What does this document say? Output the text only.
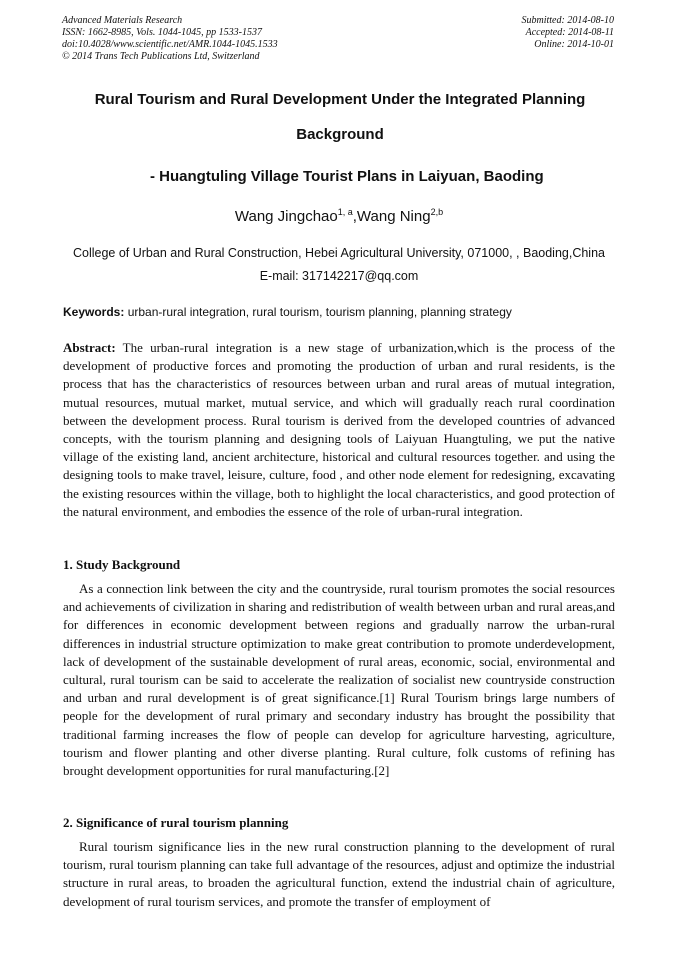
Advanced Materials Research
ISSN: 1662-8985, Vols. 1044-1045, pp 1533-1537
doi:10.4028/www.scientific.net/AMR.1044-1045.1533
© 2014 Trans Tech Publications Ltd, Switzerland
Submitted: 2014-08-10
Accepted: 2014-08-11
Online: 2014-10-01
Rural Tourism and Rural Development Under the Integrated Planning
Background
- Huangtuling Village Tourist Plans in Laiyuan, Baoding
Wang Jingchao$^{1, a}$,Wang Ning$^{2,b}$
College of Urban and Rural Construction, Hebei Agricultural University, 071000, , Baoding,China
E-mail: 317142217@qq.com
Keywords: urban-rural integration, rural tourism, tourism planning, planning strategy

Abstract: The urban-rural integration is a new stage of urbanization,which is the process of the development of productive forces and promoting the production of urban and rural residents, is the process that has the characteristics of resources between urban and rural areas of mutual integration, mutual resources, mutual market, mutual service, and which will gradually reach rural coordination between the development process. Rural tourism is derived from the developed countries of advanced concepts, with the tourism planning and designing tools of Laiyuan Huangtuling, we put the native village of the existing land, ancient architecture, historical and cultural resources together. and using the designing tools to make travel, leisure, culture, food , and other node element for redesigning, excavating the existing resources within the village, both to highlight the local characteristics, and good protection of the natural environment, and embodies the essence of the role of urban-rural integration.

1. Study Background

As a connection link between the city and the countryside, rural tourism promotes the social resources and achievements of civilization in sharing and redistribution of wealth between urban and rural areas,and for differences in economic development between regions and gradually narrow the urban-rural differences in industrial structure optimization to make great contribution to promote underdevelopment, lack of development of the sustainable development of rural areas, economic, social, environmental and cultural, rural tourism can be said to accelerate the realization of socialist new countryside construction and urban and rural development is of great significance.[1] Rural Tourism brings large numbers of people for the development of rural primary and secondary industry has brought the possibility that traditional farming increases the flow of people can develop for agriculture harvesting, agriculture, tourism and flower planting and other diverse planting. Rural culture, folk customs of refining has brought development opportunities for rural manufacturing.[2]

2. Significance of rural tourism planning

Rural tourism significance lies in the new rural construction planning to the development of rural tourism, rural tourism planning can take full advantage of the resources, adjust and optimize the industrial structure in rural areas, to broaden the agricultural function, extend the industrial chain of agriculture, development of rural tourism services, and promote the transfer of employment of
